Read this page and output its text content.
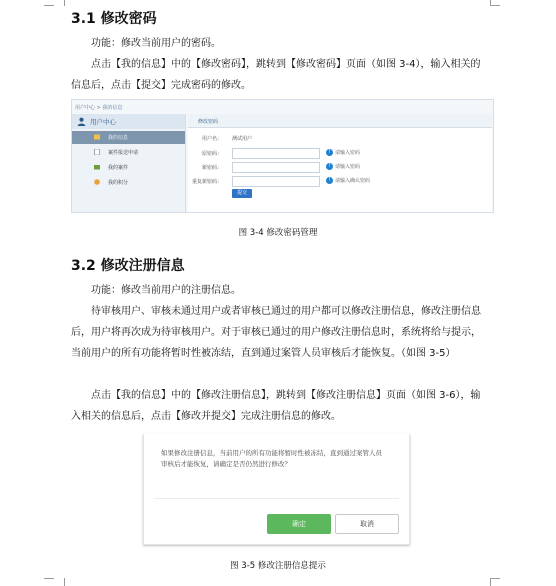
3.1 修改密码
功能：修改当前用户的密码。
点击【我的信息】中的【修改密码】，跳转到【修改密码】页面（如图 3-4），输入相关的信息后，点击【提交】完成密码的修改。
用户中心 > 我的信息
用户中心
我的信息
案件报送申请
我的案件
我的积分
修改密码
用户名： 测试用户
原密码：	! 请输入密码
新密码：	! 请输入密码
重复新密码：	! 请输入确认密码
提交
图 3-4 修改密码管理
3.2 修改注册信息
功能：修改当前用户的注册信息。
待审核用户、审核未通过用户或者审核已通过的用户都可以修改注册信息，修改注册信息后，用户将再次成为待审核用户。对于审核已通过的用户修改注册信息时，系统将给与提示，当前用户的所有功能将暂时性被冻结，直到通过案管人员审核后才能恢复。（如图 3-5）
点击【我的信息】中的【修改注册信息】，跳转到【修改注册信息】页面（如图 3-6），输入相关的信息后，点击【修改并提交】完成注册信息的修改。
如果修改注册信息，当前用户的所有功能将暂时性被冻结，直到通过案管人员审核后才能恢复，请确定是否仍然进行修改？
确定	取消
图 3-5 修改注册信息提示
